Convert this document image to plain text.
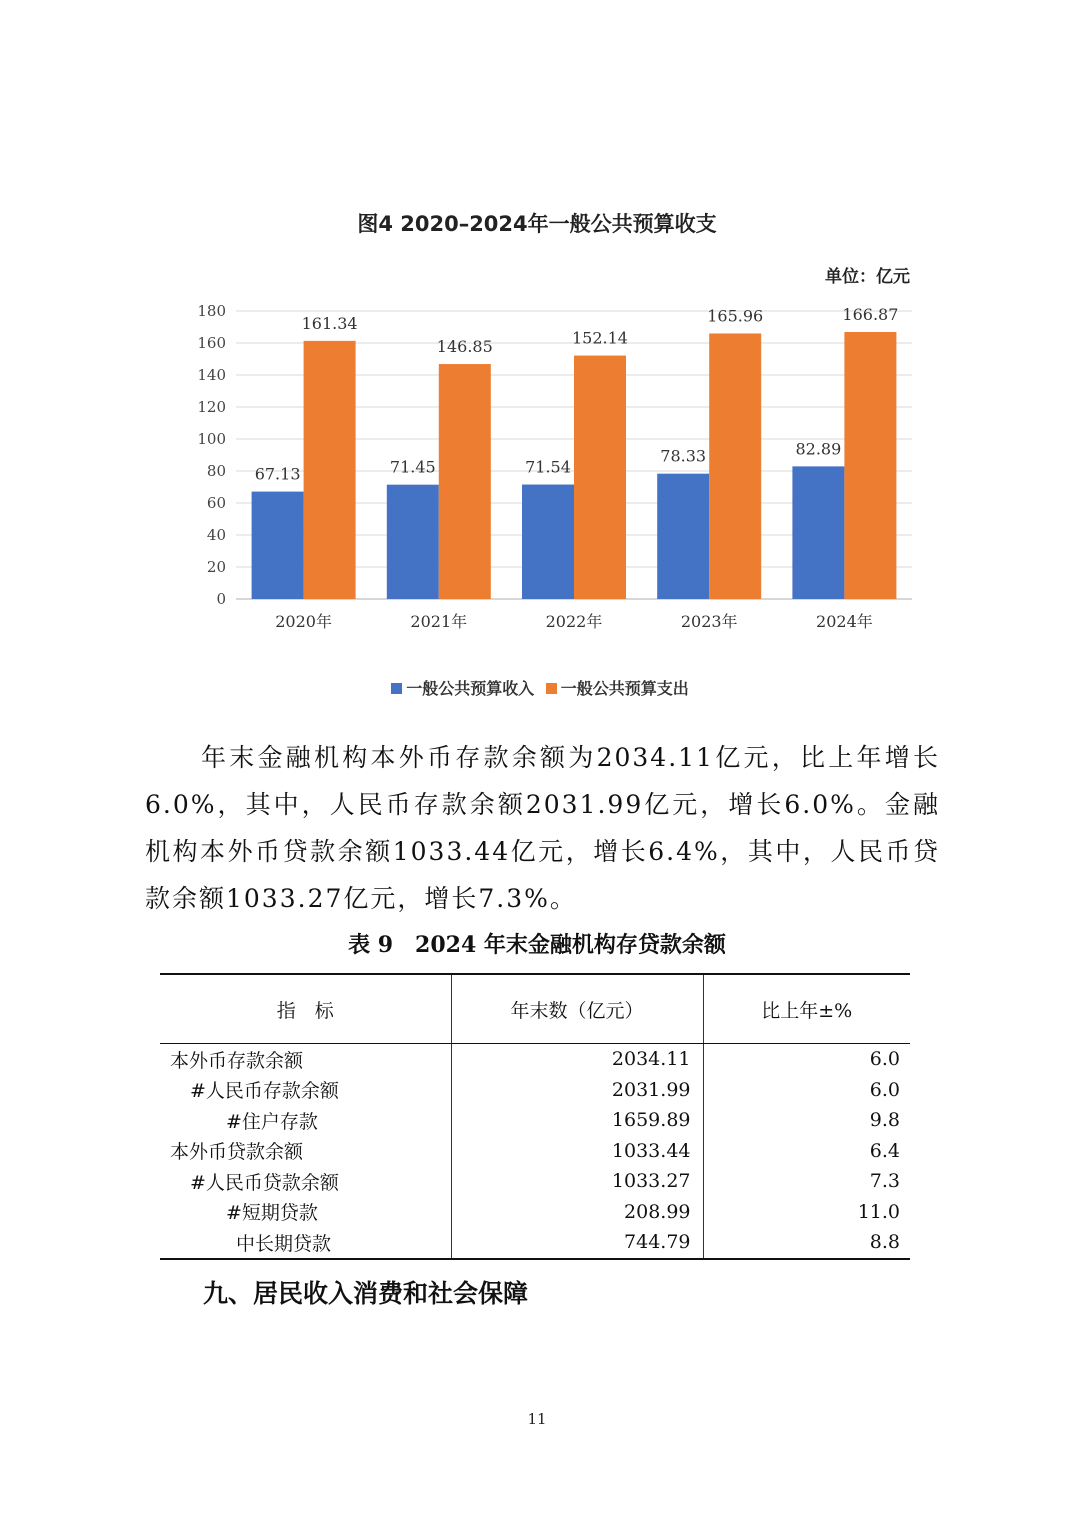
0
20
40
60
80
100
120
140
160
180
67.13
161.34
2020年
71.45
146.85
2021年
71.54
152.14
2022年
78.33
165.96
2023年
82.89
166.87
2024年
图4 2020–2024年一般公共预算收支
单位：亿元
一般公共预算收入 一般公共预算支出
年末金融机构本外币存款余额为2034.11亿元，比上年增长6.0%，其中，人民币存款余额2031.99亿元，增长6.0%。金融机构本外币贷款余额1033.44亿元，增长6.4%，其中，人民币贷款余额1033.27亿元，增长7.3%。
表 9　2024 年末金融机构存贷款余额
指　标	年末数（亿元）	比上年±%
本外币存款余额	2034.11	6.0
#人民币存款余额	2031.99	6.0
#住户存款	1659.89	9.8
本外币贷款余额	1033.44	6.4
#人民币贷款余额	1033.27	7.3
#短期贷款	208.99	11.0
中长期贷款	744.79	8.8
九、居民收入消费和社会保障
11
